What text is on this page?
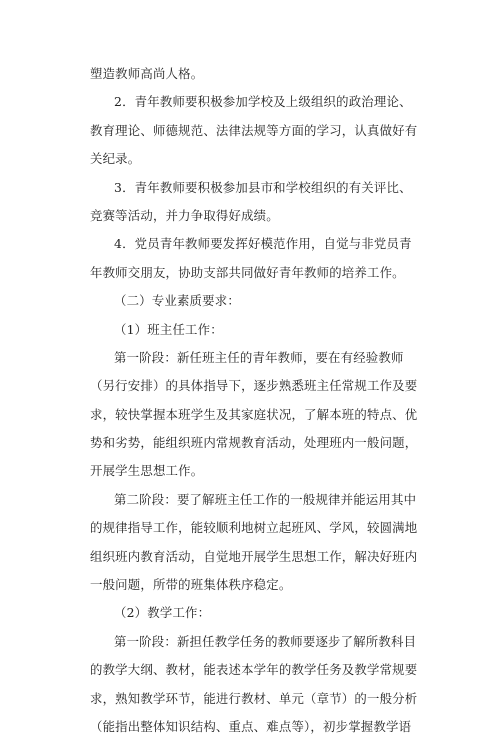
塑造教师高尚人格。
2．青年教师要积极参加学校及上级组织的政治理论、
教育理论、师德规范、法律法规等方面的学习，认真做好有
关纪录。
3．青年教师要积极参加县市和学校组织的有关评比、
竞赛等活动，并力争取得好成绩。
4．党员青年教师要发挥好模范作用，自觉与非党员青
年教师交朋友，协助支部共同做好青年教师的培养工作。
（二）专业素质要求：
（1）班主任工作：
第一阶段：新任班主任的青年教师，要在有经验教师
（另行安排）的具体指导下，逐步熟悉班主任常规工作及要
求，较快掌握本班学生及其家庭状况，了解本班的特点、优
势和劣势，能组织班内常规教育活动，处理班内一般问题，
开展学生思想工作。
第二阶段：要了解班主任工作的一般规律并能运用其中
的规律指导工作，能较顺利地树立起班风、学风，较圆满地
组织班内教育活动，自觉地开展学生思想工作，解决好班内
一般问题，所带的班集体秩序稳定。
（2）教学工作：
第一阶段：新担任教学任务的教师要逐步了解所教科目
的教学大纲、教材，能表述本学年的教学任务及教学常规要
求，熟知教学环节，能进行教材、单元（章节）的一般分析
（能指出整体知识结构、重点、难点等），初步掌握教学语
